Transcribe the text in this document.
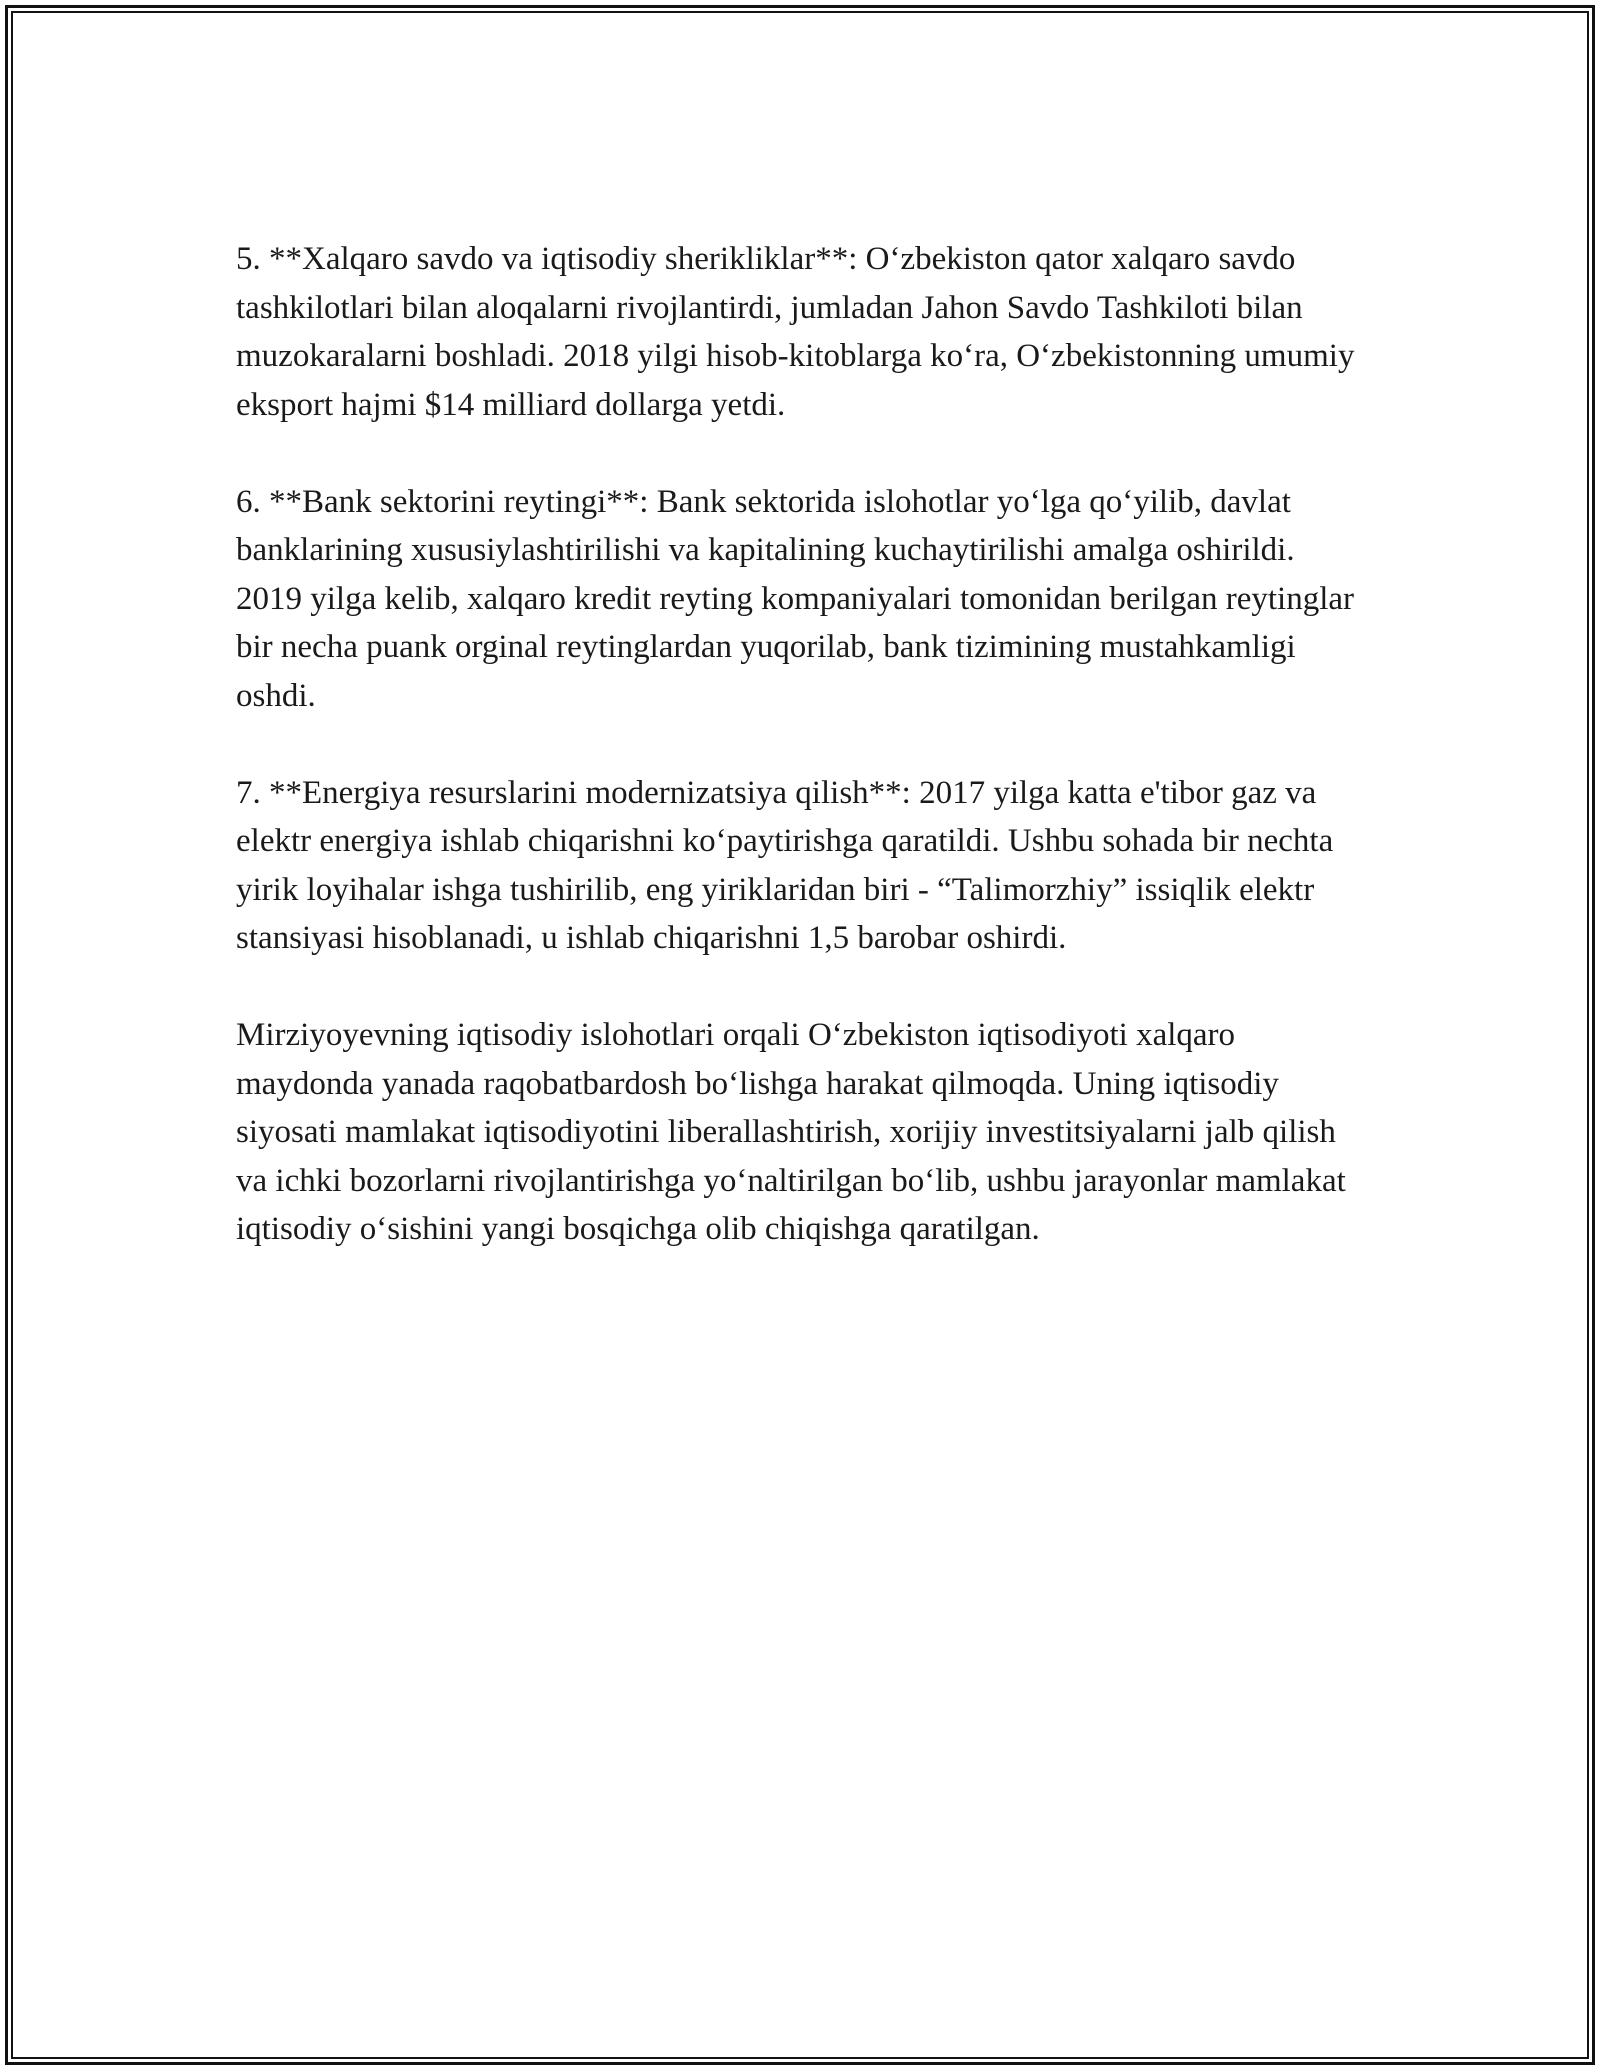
5. **Xalqaro savdo va iqtisodiy sherikliklar**: O‘zbekiston qator xalqaro savdo tashkilotlari bilan aloqalarni rivojlantirdi, jumladan Jahon Savdo Tashkiloti bilan muzokaralarni boshladi. 2018 yilgi hisob-kitoblarga ko‘ra, O‘zbekistonning umumiy eksport hajmi $14 milliard dollarga yetdi.

6. **Bank sektorini reytingi**: Bank sektorida islohotlar yo‘lga qo‘yilib, davlat banklarining xususiylashtirilishi va kapitalining kuchaytirilishi amalga oshirildi. 2019 yilga kelib, xalqaro kredit reyting kompaniyalari tomonidan berilgan reytinglar bir necha puank orginal reytinglardan yuqorilab, bank tizimining mustahkamligi oshdi.

7. **Energiya resurslarini modernizatsiya qilish**: 2017 yilga katta e'tibor gaz va elektr energiya ishlab chiqarishni ko‘paytirishga qaratildi. Ushbu sohada bir nechta yirik loyihalar ishga tushirilib, eng yiriklaridan biri - “Talimorzhiy” issiqlik elektr stansiyasi hisoblanadi, u ishlab chiqarishni 1,5 barobar oshirdi.

Mirziyoyevning iqtisodiy islohotlari orqali O‘zbekiston iqtisodiyoti xalqaro maydonda yanada raqobatbardosh bo‘lishga harakat qilmoqda. Uning iqtisodiy siyosati mamlakat iqtisodiyotini liberallashtirish, xorijiy investitsiyalarni jalb qilish va ichki bozorlarni rivojlantirishga yo‘naltirilgan bo‘lib, ushbu jarayonlar mamlakat iqtisodiy o‘sishini yangi bosqichga olib chiqishga qaratilgan.
